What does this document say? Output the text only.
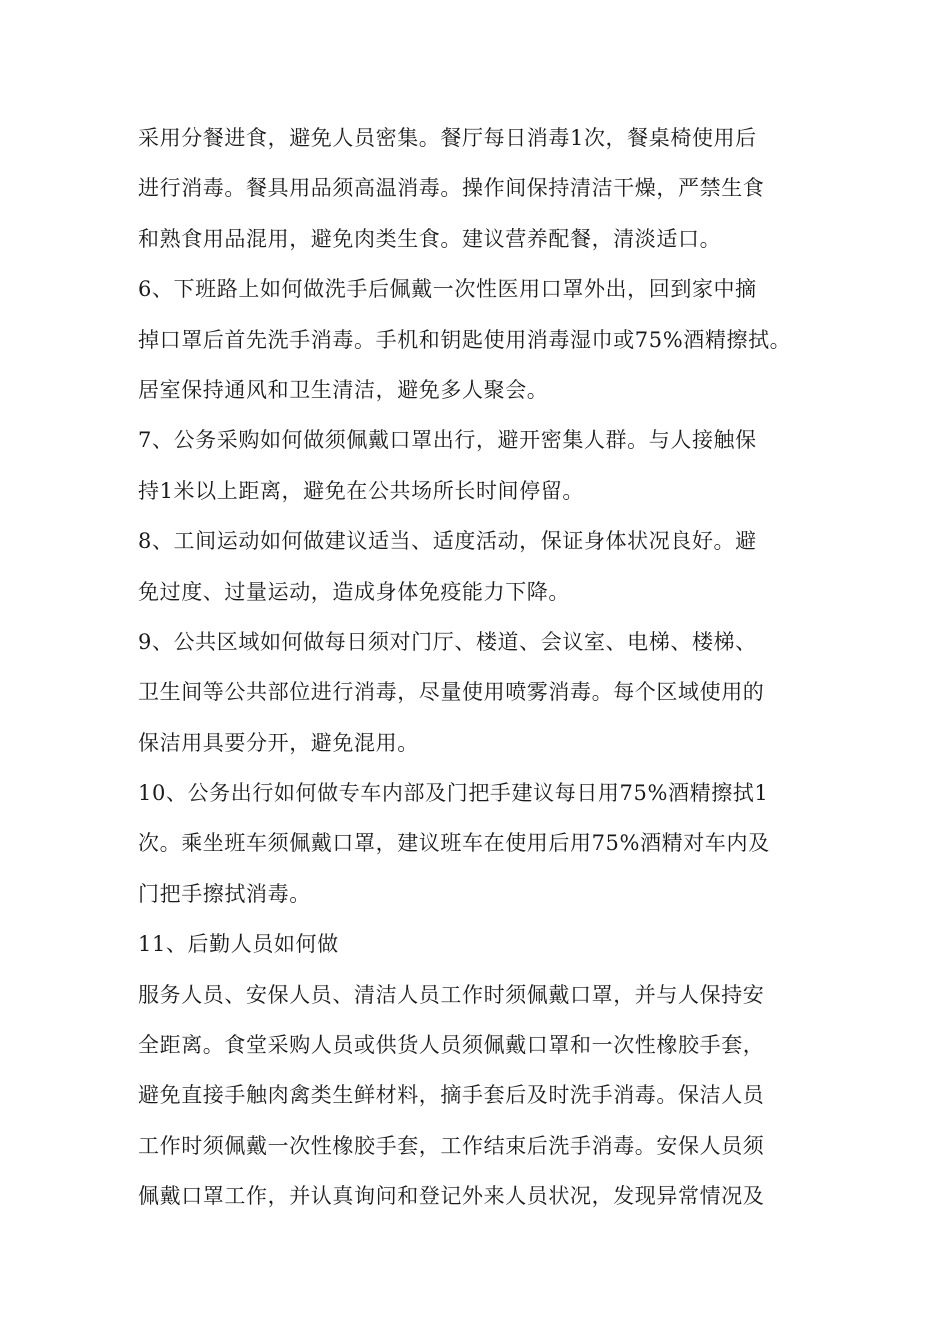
采用分餐进食，避免人员密集。餐厅每日消毒1次，餐桌椅使用后
进行消毒。餐具用品须高温消毒。操作间保持清洁干燥，严禁生食
和熟食用品混用，避免肉类生食。建议营养配餐，清淡适口。
6、下班路上如何做洗手后佩戴一次性医用口罩外出，回到家中摘
掉口罩后首先洗手消毒。手机和钥匙使用消毒湿巾或75%酒精擦拭。
居室保持通风和卫生清洁，避免多人聚会。
7、公务采购如何做须佩戴口罩出行，避开密集人群。与人接触保
持1米以上距离，避免在公共场所长时间停留。
8、工间运动如何做建议适当、适度活动，保证身体状况良好。避
免过度、过量运动，造成身体免疫能力下降。
9、公共区域如何做每日须对门厅、楼道、会议室、电梯、楼梯、
卫生间等公共部位进行消毒，尽量使用喷雾消毒。每个区域使用的
保洁用具要分开，避免混用。
10、公务出行如何做专车内部及门把手建议每日用75%酒精擦拭1
次。乘坐班车须佩戴口罩，建议班车在使用后用75%酒精对车内及
门把手擦拭消毒。
11、后勤人员如何做
服务人员、安保人员、清洁人员工作时须佩戴口罩，并与人保持安
全距离。食堂采购人员或供货人员须佩戴口罩和一次性橡胶手套，
避免直接手触肉禽类生鲜材料，摘手套后及时洗手消毒。保洁人员
工作时须佩戴一次性橡胶手套，工作结束后洗手消毒。安保人员须
佩戴口罩工作，并认真询问和登记外来人员状况，发现异常情况及
